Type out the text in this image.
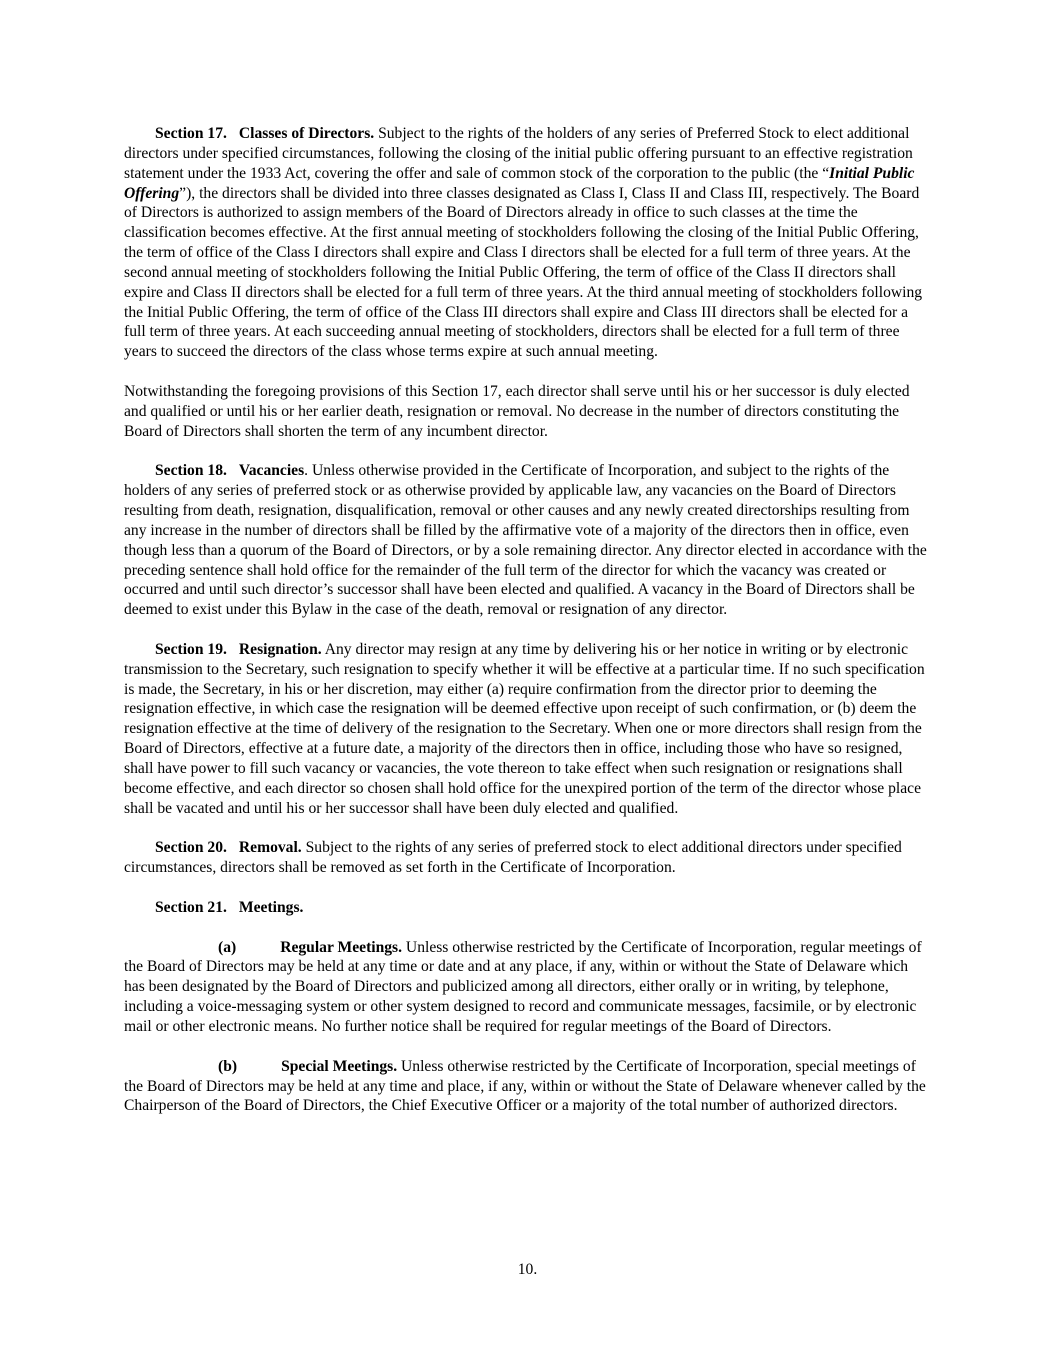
Section 17. Classes of Directors. Subject to the rights of the holders of any series of Preferred Stock to elect additional directors under specified circumstances, following the closing of the initial public offering pursuant to an effective registration statement under the 1933 Act, covering the offer and sale of common stock of the corporation to the public (the “Initial Public Offering”), the directors shall be divided into three classes designated as Class I, Class II and Class III, respectively. The Board of Directors is authorized to assign members of the Board of Directors already in office to such classes at the time the classification becomes effective. At the first annual meeting of stockholders following the closing of the Initial Public Offering, the term of office of the Class I directors shall expire and Class I directors shall be elected for a full term of three years. At the second annual meeting of stockholders following the Initial Public Offering, the term of office of the Class II directors shall expire and Class II directors shall be elected for a full term of three years. At the third annual meeting of stockholders following the Initial Public Offering, the term of office of the Class III directors shall expire and Class III directors shall be elected for a full term of three years. At each succeeding annual meeting of stockholders, directors shall be elected for a full term of three years to succeed the directors of the class whose terms expire at such annual meeting.

Notwithstanding the foregoing provisions of this Section 17, each director shall serve until his or her successor is duly elected and qualified or until his or her earlier death, resignation or removal. No decrease in the number of directors constituting the Board of Directors shall shorten the term of any incumbent director.

Section 18. Vacancies. Unless otherwise provided in the Certificate of Incorporation, and subject to the rights of the holders of any series of preferred stock or as otherwise provided by applicable law, any vacancies on the Board of Directors resulting from death, resignation, disqualification, removal or other causes and any newly created directorships resulting from any increase in the number of directors shall be filled by the affirmative vote of a majority of the directors then in office, even though less than a quorum of the Board of Directors, or by a sole remaining director. Any director elected in accordance with the preceding sentence shall hold office for the remainder of the full term of the director for which the vacancy was created or occurred and until such director’s successor shall have been elected and qualified. A vacancy in the Board of Directors shall be deemed to exist under this Bylaw in the case of the death, removal or resignation of any director.

Section 19. Resignation. Any director may resign at any time by delivering his or her notice in writing or by electronic transmission to the Secretary, such resignation to specify whether it will be effective at a particular time. If no such specification is made, the Secretary, in his or her discretion, may either (a) require confirmation from the director prior to deeming the resignation effective, in which case the resignation will be deemed effective upon receipt of such confirmation, or (b) deem the resignation effective at the time of delivery of the resignation to the Secretary. When one or more directors shall resign from the Board of Directors, effective at a future date, a majority of the directors then in office, including those who have so resigned, shall have power to fill such vacancy or vacancies, the vote thereon to take effect when such resignation or resignations shall become effective, and each director so chosen shall hold office for the unexpired portion of the term of the director whose place shall be vacated and until his or her successor shall have been duly elected and qualified.

Section 20. Removal. Subject to the rights of any series of preferred stock to elect additional directors under specified circumstances, directors shall be removed as set forth in the Certificate of Incorporation.

Section 21. Meetings.

(a)	Regular Meetings. Unless otherwise restricted by the Certificate of Incorporation, regular meetings of the Board of Directors may be held at any time or date and at any place, if any, within or without the State of Delaware which has been designated by the Board of Directors and publicized among all directors, either orally or in writing, by telephone, including a voice-messaging system or other system designed to record and communicate messages, facsimile, or by electronic mail or other electronic means. No further notice shall be required for regular meetings of the Board of Directors.

(b)	Special Meetings. Unless otherwise restricted by the Certificate of Incorporation, special meetings of the Board of Directors may be held at any time and place, if any, within or without the State of Delaware whenever called by the Chairperson of the Board of Directors, the Chief Executive Officer or a majority of the total number of authorized directors.

10.
